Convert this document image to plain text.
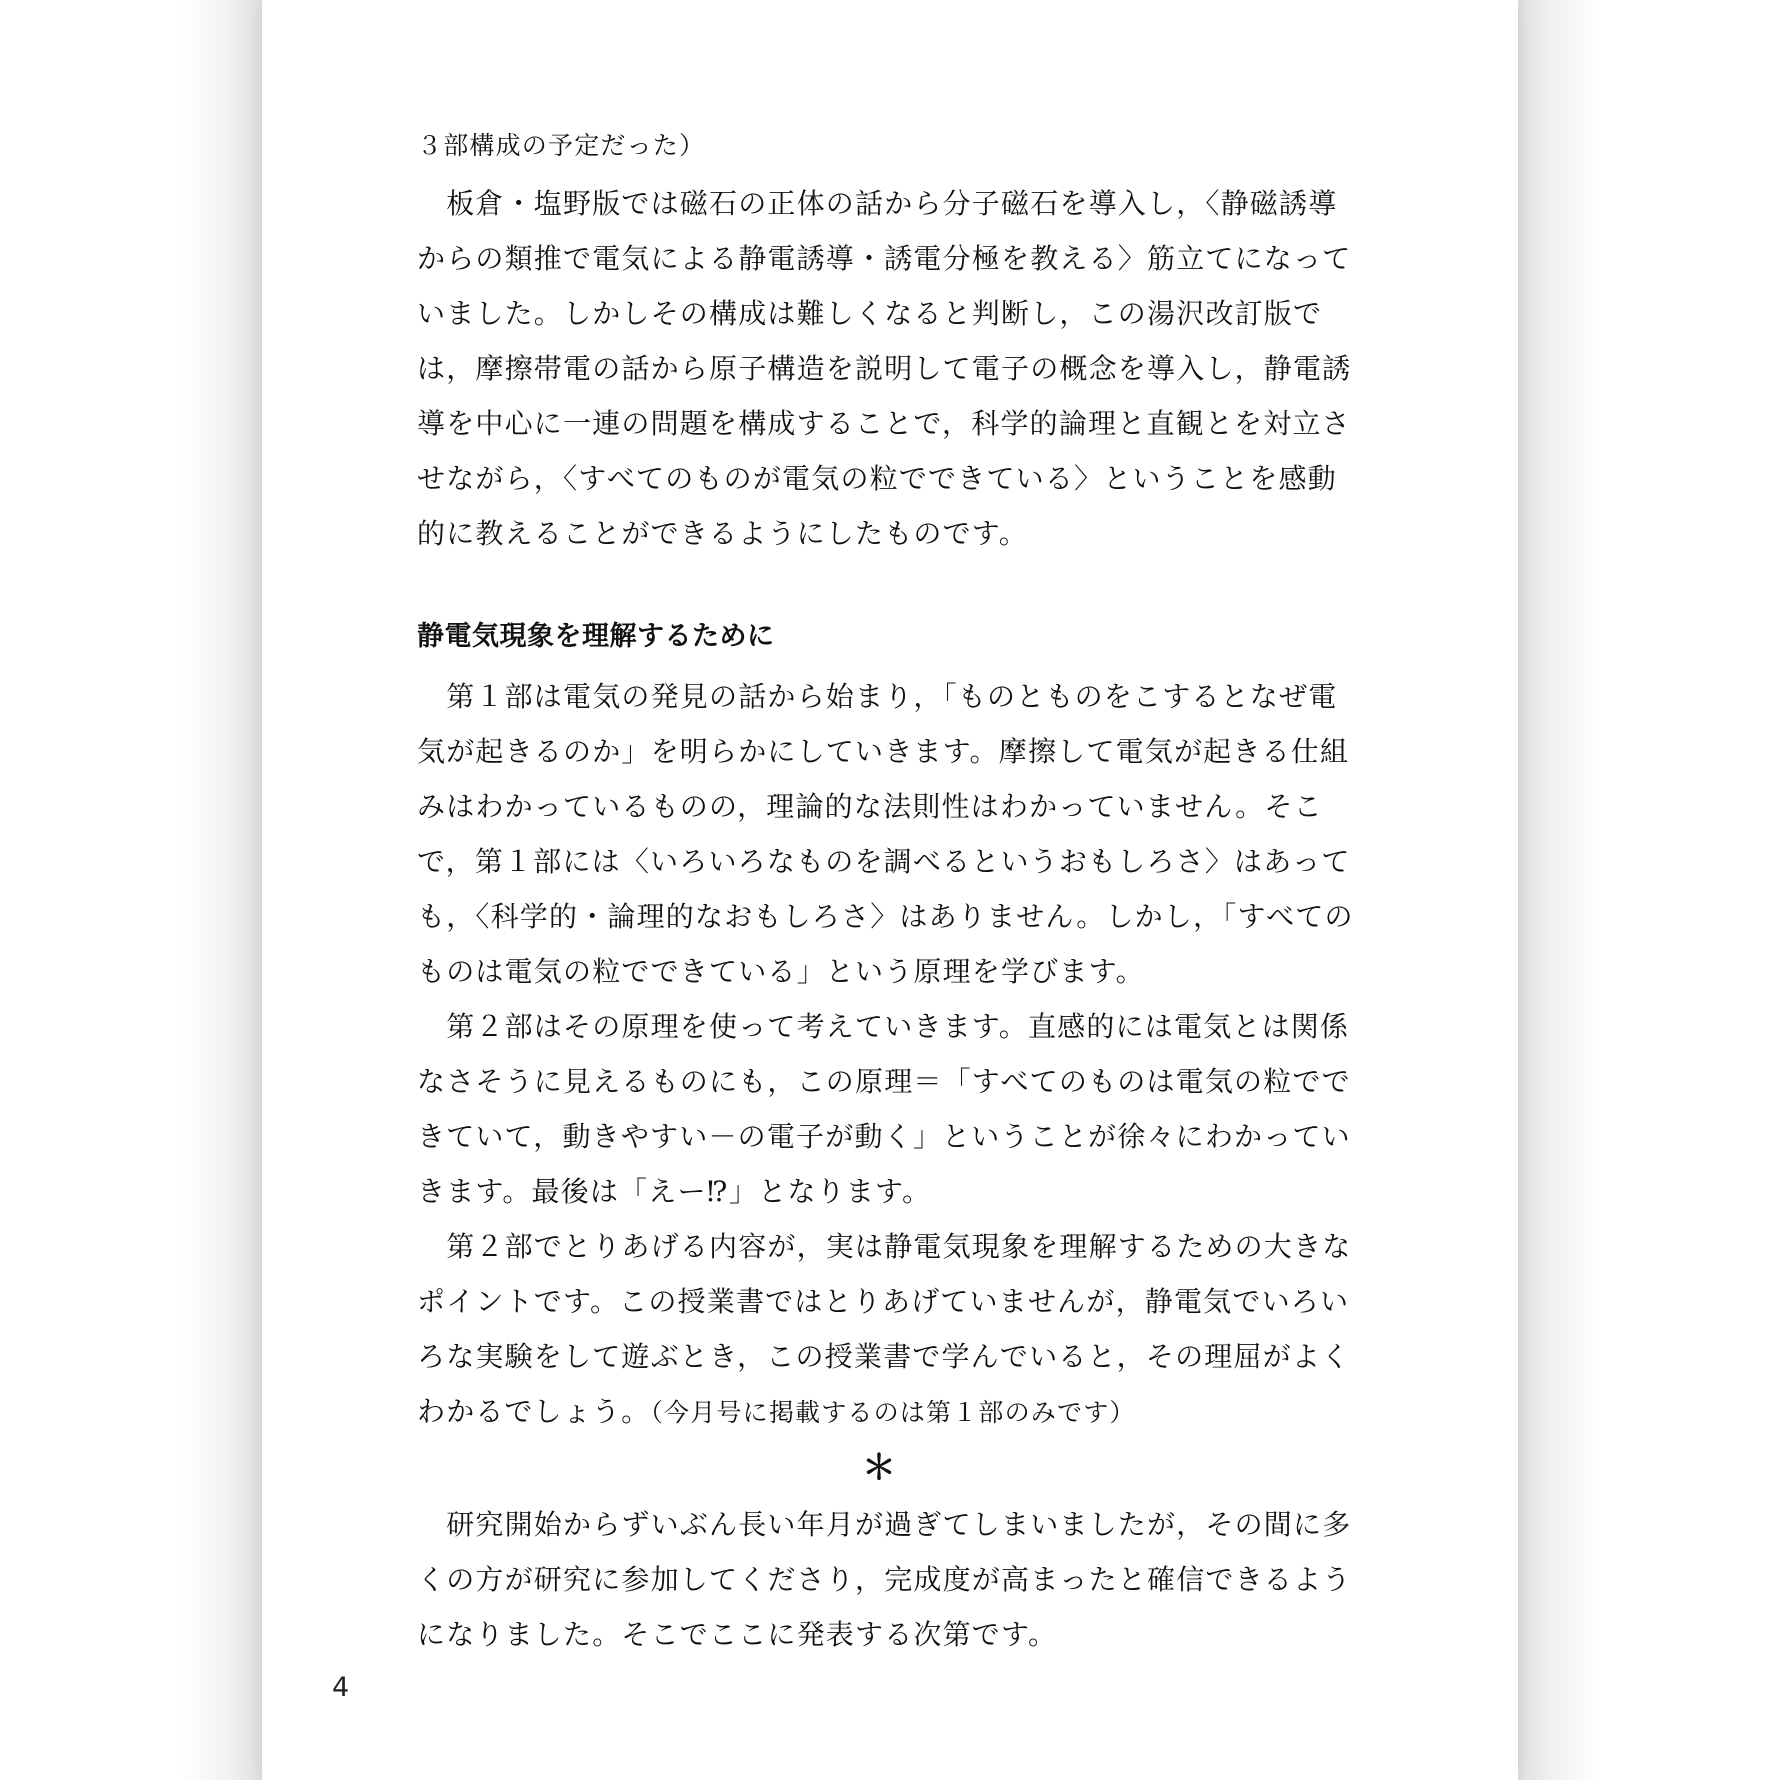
３部構成の予定だった）
　板倉・塩野版では磁石の正体の話から分子磁石を導入し，〈静磁誘導
からの類推で電気による静電誘導・誘電分極を教える〉筋立てになって
いました。しかしその構成は難しくなると判断し，この湯沢改訂版で
は，摩擦帯電の話から原子構造を説明して電子の概念を導入し，静電誘
導を中心に一連の問題を構成することで，科学的論理と直観とを対立さ
せながら，〈すべてのものが電気の粒でできている〉ということを感動
的に教えることができるようにしたものです。
静電気現象を理解するために
　第１部は電気の発見の話から始まり，「ものとものをこするとなぜ電
気が起きるのか」を明らかにしていきます。摩擦して電気が起きる仕組
みはわかっているものの，理論的な法則性はわかっていません。そこ
で，第１部には〈いろいろなものを調べるというおもしろさ〉はあって
も，〈科学的・論理的なおもしろさ〉はありません。しかし，「すべての
ものは電気の粒でできている」という原理を学びます。
　第２部はその原理を使って考えていきます。直感的には電気とは関係
なさそうに見えるものにも，この原理＝「すべてのものは電気の粒でで
きていて，動きやすい－の電子が動く」ということが徐々にわかってい
きます。最後は「えー⁉」となります。
　第２部でとりあげる内容が，実は静電気現象を理解するための大きな
ポイントです。この授業書ではとりあげていませんが，静電気でいろい
ろな実験をして遊ぶとき，この授業書で学んでいると，その理屈がよく
わかるでしょう。（今月号に掲載するのは第１部のみです）
＊
　研究開始からずいぶん長い年月が過ぎてしまいましたが，その間に多
くの方が研究に参加してくださり，完成度が高まったと確信できるよう
になりました。そこでここに発表する次第です。
4
